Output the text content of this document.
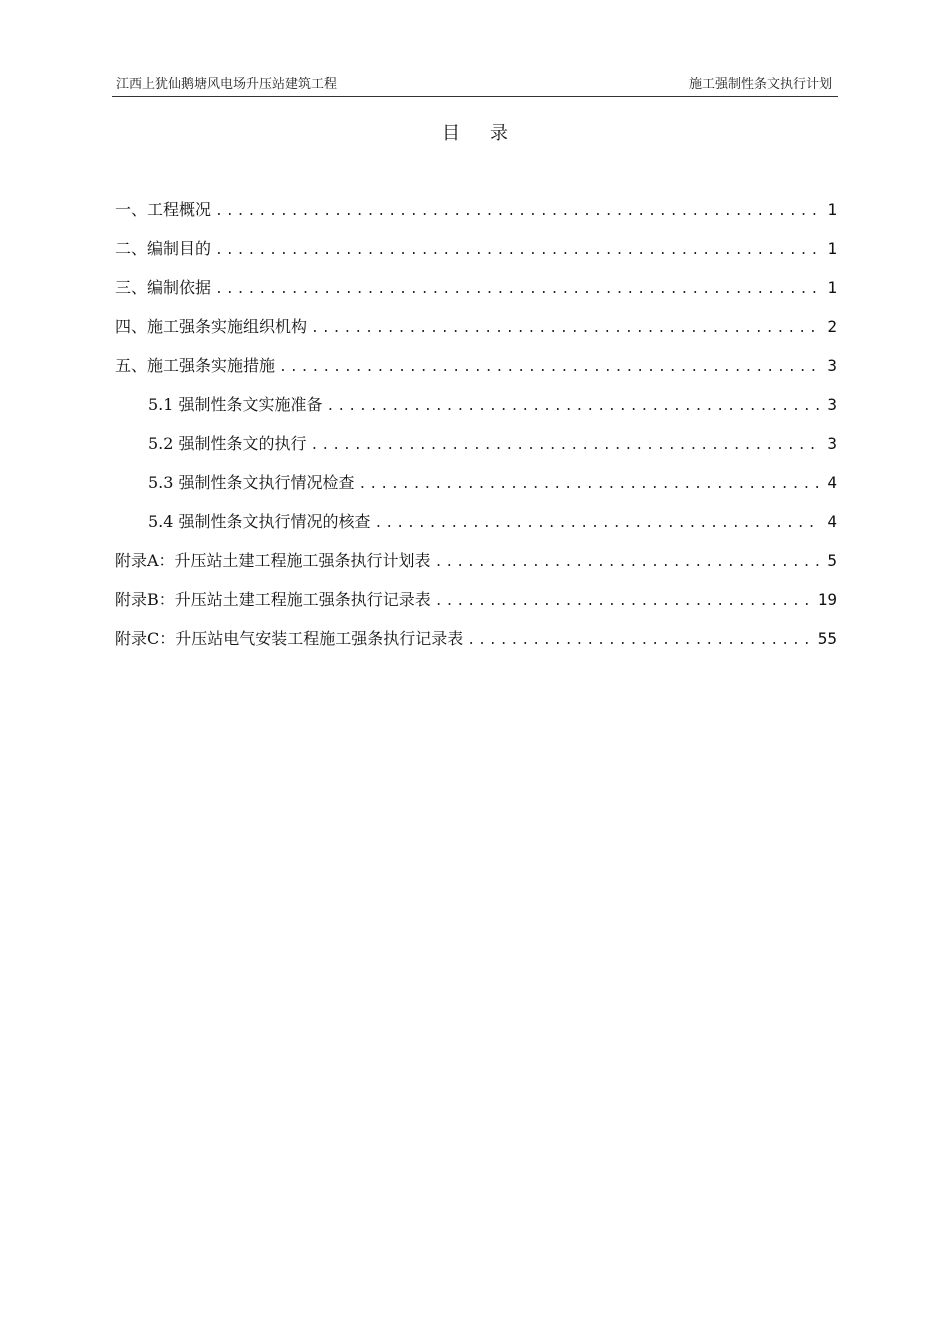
江西上犹仙鹅塘风电场升压站建筑工程	施工强制性条文执行计划
目 录
一、工程概况 .....	1
二、编制目的 .....	1
三、编制依据 .....	1
四、施工强条实施组织机构 .....	2
五、施工强条实施措施 .....	3
5.1 强制性条文实施准备 .....	3
5.2 强制性条文的执行 .....	3
5.3 强制性条文执行情况检查 .....	4
5.4 强制性条文执行情况的核查 .....	4
附录A：升压站土建工程施工强条执行计划表 .....	5
附录B：升压站土建工程施工强条执行记录表 .....	19
附录C：升压站电气安装工程施工强条执行记录表 .....	55
